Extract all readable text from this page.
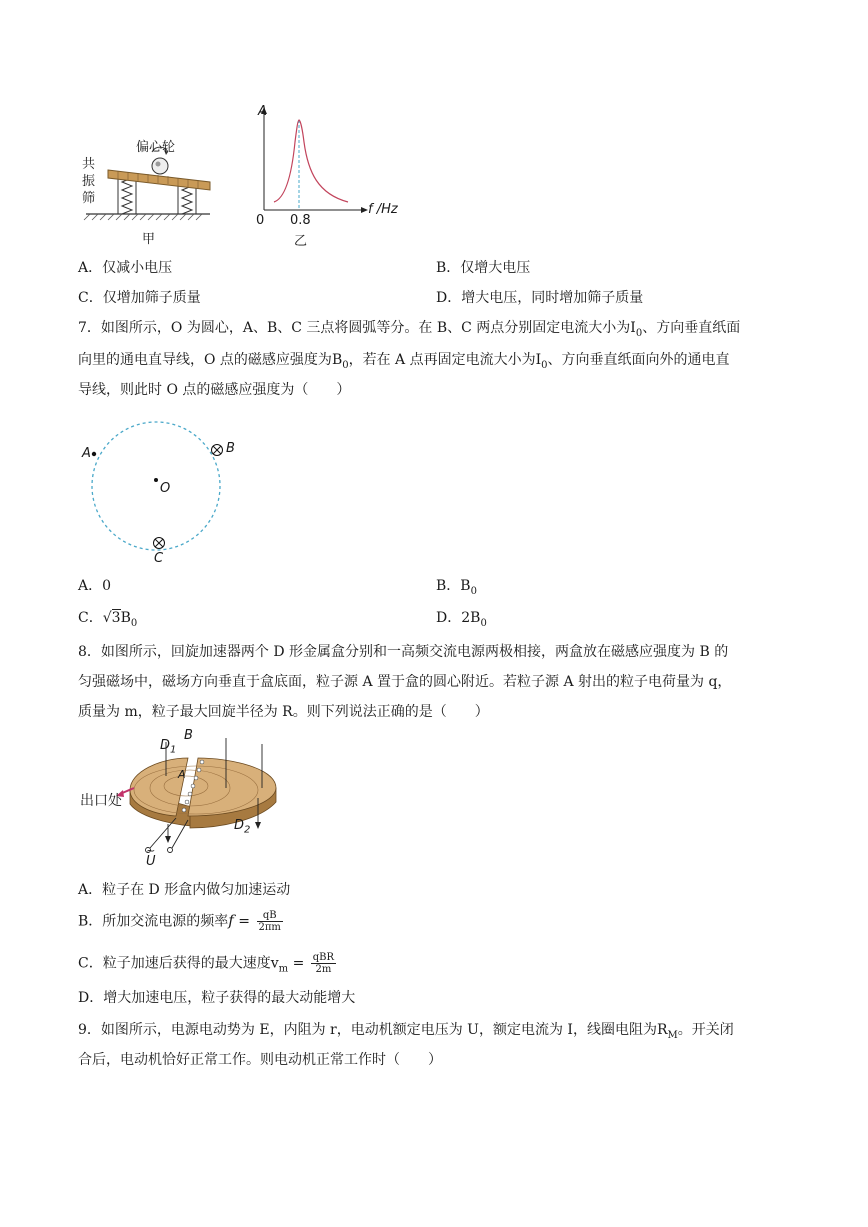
偏心轮
共
振
筛
甲
A
f /Hz
0 0.8
乙
A．仅减小电压	B．仅增大电压
C．仅增加筛子质量	D．增大电压，同时增加筛子质量
7．如图所示，O 为圆心，A、B、C 三点将圆弧等分。在 B、C 两点分别固定电流大小为$I_0$、方向垂直纸面
向里的通电直导线，O 点的磁感应强度为$B_0$，若在 A 点再固定电流大小为$I_0$、方向垂直纸面向外的通电直
导线，则此时 O 点的磁感应强度为（　　）
A	B
O
C
A．0	B．$B_0$
C．$√3B_0$	D．$2B_0$
8．如图所示，回旋加速器两个 D 形金属盒分别和一高频交流电源两极相接，两盒放在磁感应强度为 B 的
匀强磁场中，磁场方向垂直于盒底面，粒子源 A 置于盒的圆心附近。若粒子源 A 射出的粒子电荷量为 q，
质量为 m，粒子最大回旋半径为 R。则下列说法正确的是（　　）
$D_1$
B
A
$D_2$
出口处
~
U
A．粒子在 D 形盒内做匀加速运动
B．所加交流电源的频率$f = \frac{qB}{2\pi m}$
C．粒子加速后获得的最大速度$v_m = \frac{\text{qBR}}{2m}$
D．增大加速电压，粒子获得的最大动能增大
9．如图所示，电源电动势为 E，内阻为 r，电动机额定电压为 U，额定电流为 I，线圈电阻为$R_M$。开关闭
合后，电动机恰好正常工作。则电动机正常工作时（　　）
